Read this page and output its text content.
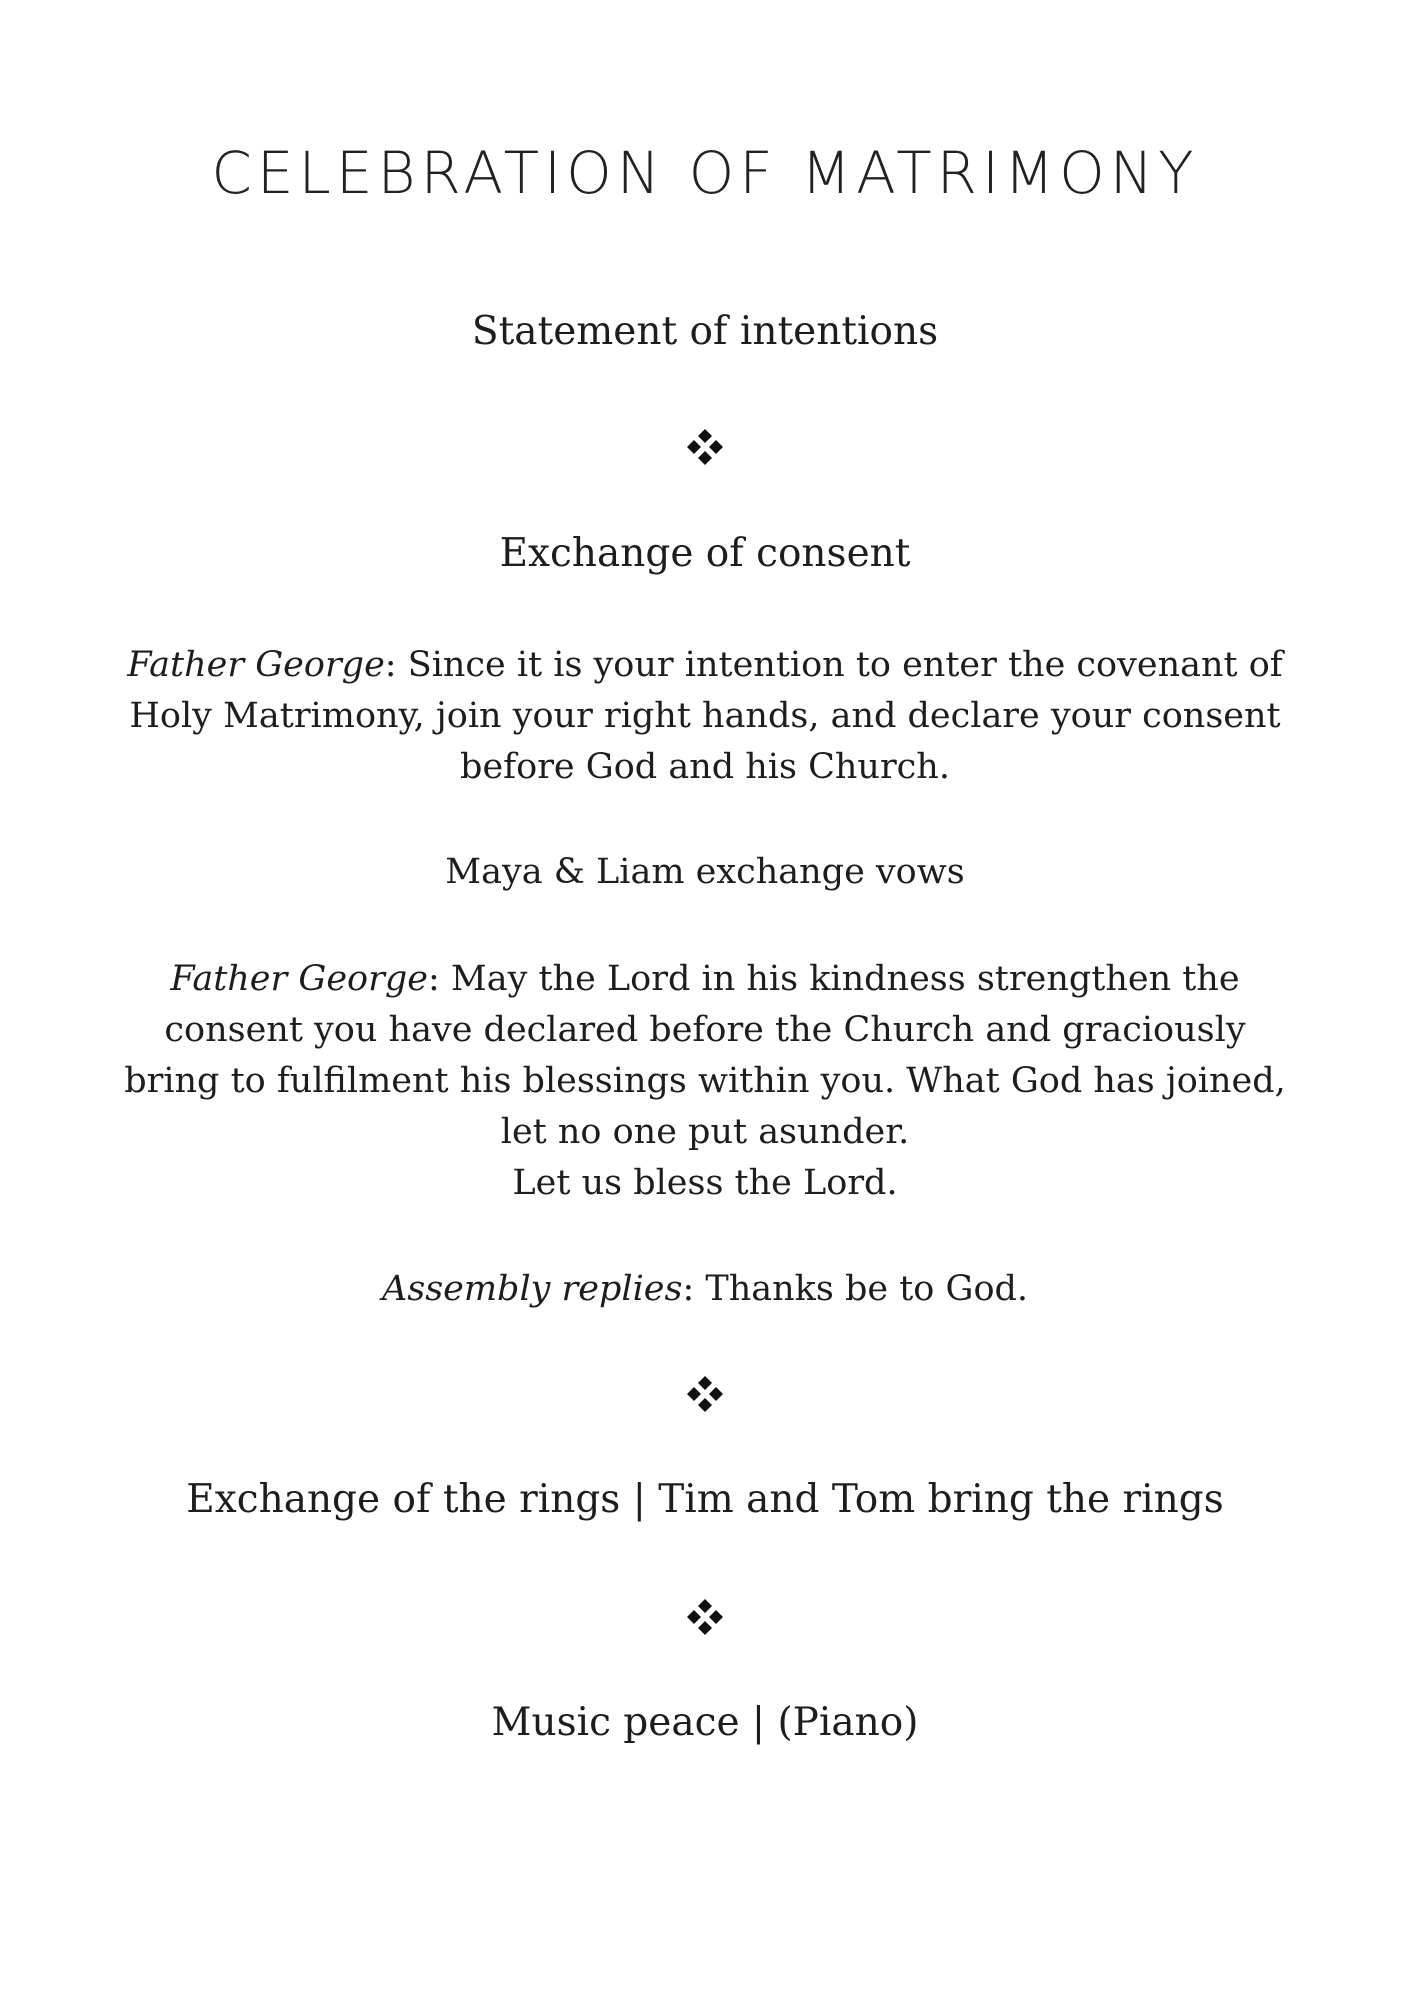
CELEBRATION OF MATRIMONY
Statement of intentions
Exchange of consent
Father George: Since it is your intention to enter the covenant of Holy Matrimony, join your right hands, and declare your consent before God and his Church.
Maya & Liam exchange vows
Father George: May the Lord in his kindness strengthen the consent you have declared before the Church and graciously bring to fulfilment his blessings within you. What God has joined, let no one put asunder.
Let us bless the Lord.
Assembly replies: Thanks be to God.
Exchange of the rings | Tim and Tom bring the rings
Music peace | (Piano)
